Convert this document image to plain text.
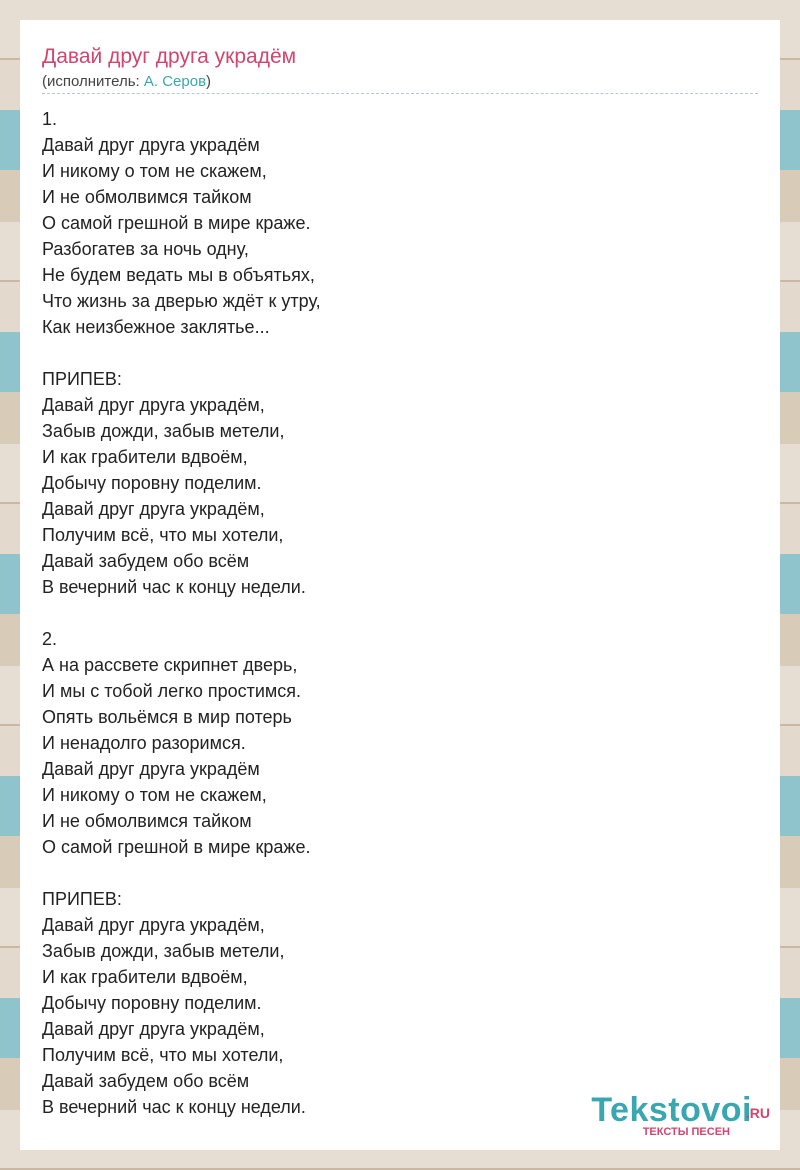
Давай друг друга украдём
(исполнитель: А. Серов)
1.
Давай друг друга украдём
И никому о том не скажем,
И не обмолвимся тайком
О самой грешной в мире краже.
Разбогатев за ночь одну,
Не будем ведать мы в объятьях,
Что жизнь за дверью ждёт к утру,
Как неизбежное заклятье...
ПРИПЕВ:
Давай друг друга украдём,
Забыв дожди, забыв метели,
И как грабители вдвоём,
Добычу поровну поделим.
Давай друг друга украдём,
Получим всё, что мы хотели,
Давай забудем обо всём
В вечерний час к концу недели.
2.
А на рассвете скрипнет дверь,
И мы с тобой легко простимся.
Опять вольёмся в мир потерь
И ненадолго разоримся.
Давай друг друга украдём
И никому о том не скажем,
И не обмолвимся тайком
О самой грешной в мире краже.
ПРИПЕВ:
Давай друг друга украдём,
Забыв дожди, забыв метели,
И как грабители вдвоём,
Добычу поровну поделим.
Давай друг друга украдём,
Получим всё, что мы хотели,
Давай забудем обо всём
В вечерний час к концу недели.	Tekstovoi
.RU
ТЕКСТЫ ПЕСЕН
